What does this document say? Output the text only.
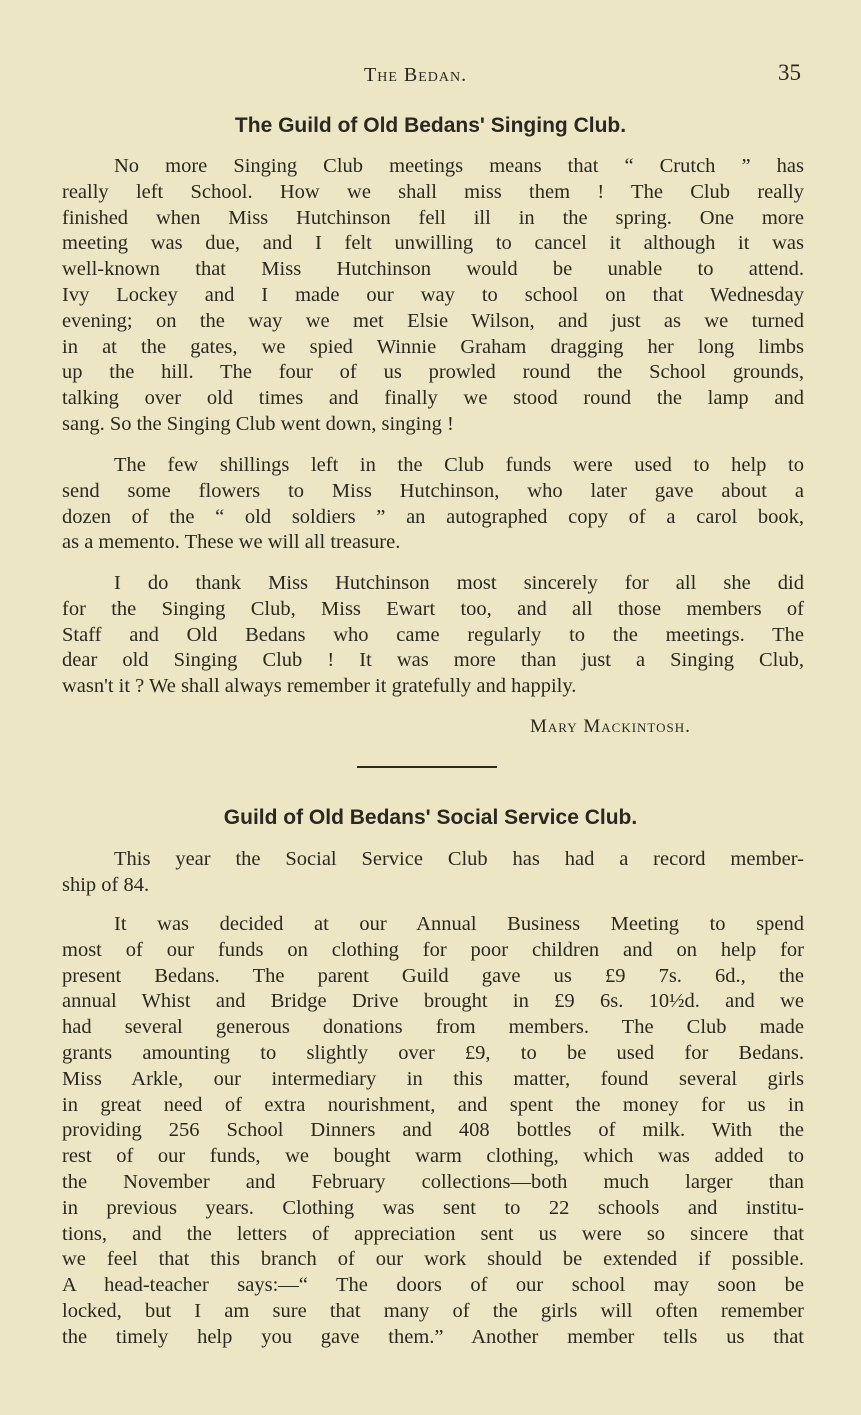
The Bedan.	35
The Guild of Old Bedans' Singing Club.
No more Singing Club meetings means that “ Crutch ” has
really left School. How we shall miss them ! The Club really
finished when Miss Hutchinson fell ill in the spring. One more
meeting was due, and I felt unwilling to cancel it although it was
well-known that Miss Hutchinson would be unable to attend.
Ivy Lockey and I made our way to school on that Wednesday
evening; on the way we met Elsie Wilson, and just as we turned
in at the gates, we spied Winnie Graham dragging her long limbs
up the hill. The four of us prowled round the School grounds,
talking over old times and finally we stood round the lamp and
sang. So the Singing Club went down, singing !
The few shillings left in the Club funds were used to help to
send some flowers to Miss Hutchinson, who later gave about a
dozen of the “ old soldiers ” an autographed copy of a carol book,
as a memento. These we will all treasure.
I do thank Miss Hutchinson most sincerely for all she did
for the Singing Club, Miss Ewart too, and all those members of
Staff and Old Bedans who came regularly to the meetings. The
dear old Singing Club ! It was more than just a Singing Club,
wasn't it ? We shall always remember it gratefully and happily.
Mary Mackintosh.
Guild of Old Bedans' Social Service Club.
This year the Social Service Club has had a record member-
ship of 84.
It was decided at our Annual Business Meeting to spend
most of our funds on clothing for poor children and on help for
present Bedans. The parent Guild gave us £9 7s. 6d., the
annual Whist and Bridge Drive brought in £9 6s. 10½d. and we
had several generous donations from members. The Club made
grants amounting to slightly over £9, to be used for Bedans.
Miss Arkle, our intermediary in this matter, found several girls
in great need of extra nourishment, and spent the money for us in
providing 256 School Dinners and 408 bottles of milk. With the
rest of our funds, we bought warm clothing, which was added to
the November and February collections—both much larger than
in previous years. Clothing was sent to 22 schools and institu-
tions, and the letters of appreciation sent us were so sincere that
we feel that this branch of our work should be extended if possible.
A head-teacher says:—“ The doors of our school may soon be
locked, but I am sure that many of the girls will often remember
the timely help you gave them.” Another member tells us that
